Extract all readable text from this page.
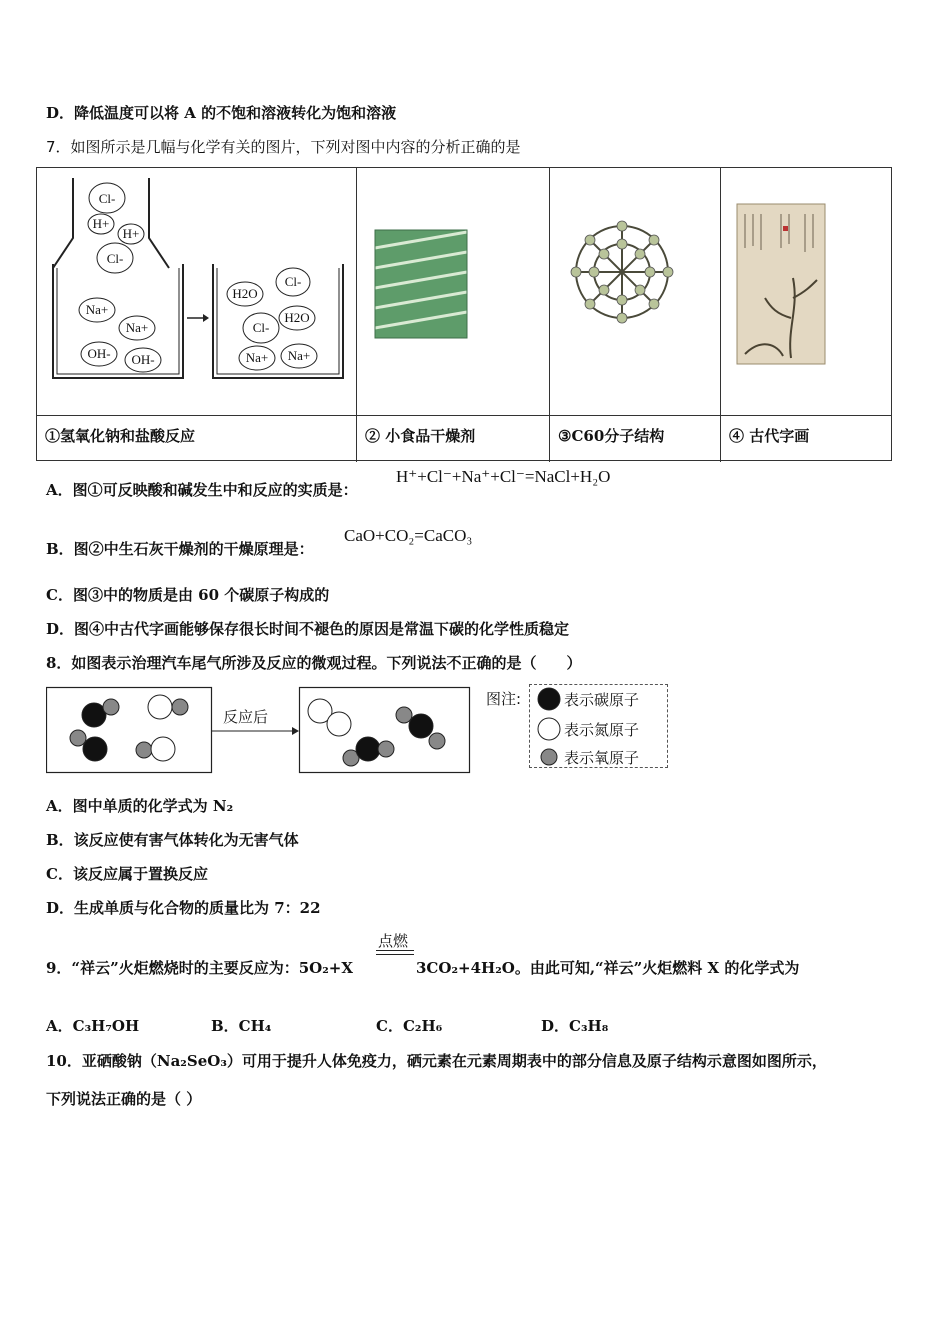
D．降低温度可以将 A 的不饱和溶液转化为饱和溶液
7．如图所示是几幅与化学有关的图片，下列对图中内容的分析正确的是
Cl-
H+
H+
Cl-
Na+
Na+
OH- OH-
H2O
Cl-
H2O
Cl-
Na+ Na+
①氢氧化钠和盐酸反应	② 小食品干燥剂	③C60分子结构	④ 古代字画
A．图①可反映酸和碱发生中和反应的实质是：
H⁺+Cl⁻+Na⁺+Cl⁻=NaCl+H₂O
B．图②中生石灰干燥剂的干燥原理是：
CaO+CO₂=CaCO₃
C．图③中的物质是由 60 个碳原子构成的
D．图④中古代字画能够保存很长时间不褪色的原因是常温下碳的化学性质稳定
8．如图表示治理汽车尾气所涉及反应的微观过程。下列说法不正确的是（　　）
反应后
图注:	表示碳原子
表示氮原子
表示氧原子
A．图中单质的化学式为 N₂
B．该反应使有害气体转化为无害气体
C．该反应属于置换反应
D．生成单质与化合物的质量比为 7：22
9．“祥云”火炬燃烧时的主要反应为：5O₂+X
点燃
3CO₂+4H₂O。由此可知,“祥云”火炬燃料 X 的化学式为
A．C₃H₇OH	B．CH₄	C．C₂H₆	D．C₃H₈
10．亚硒酸钠（Na₂SeO₃）可用于提升人体免疫力，硒元素在元素周期表中的部分信息及原子结构示意图如图所示，
下列说法正确的是（ ）
